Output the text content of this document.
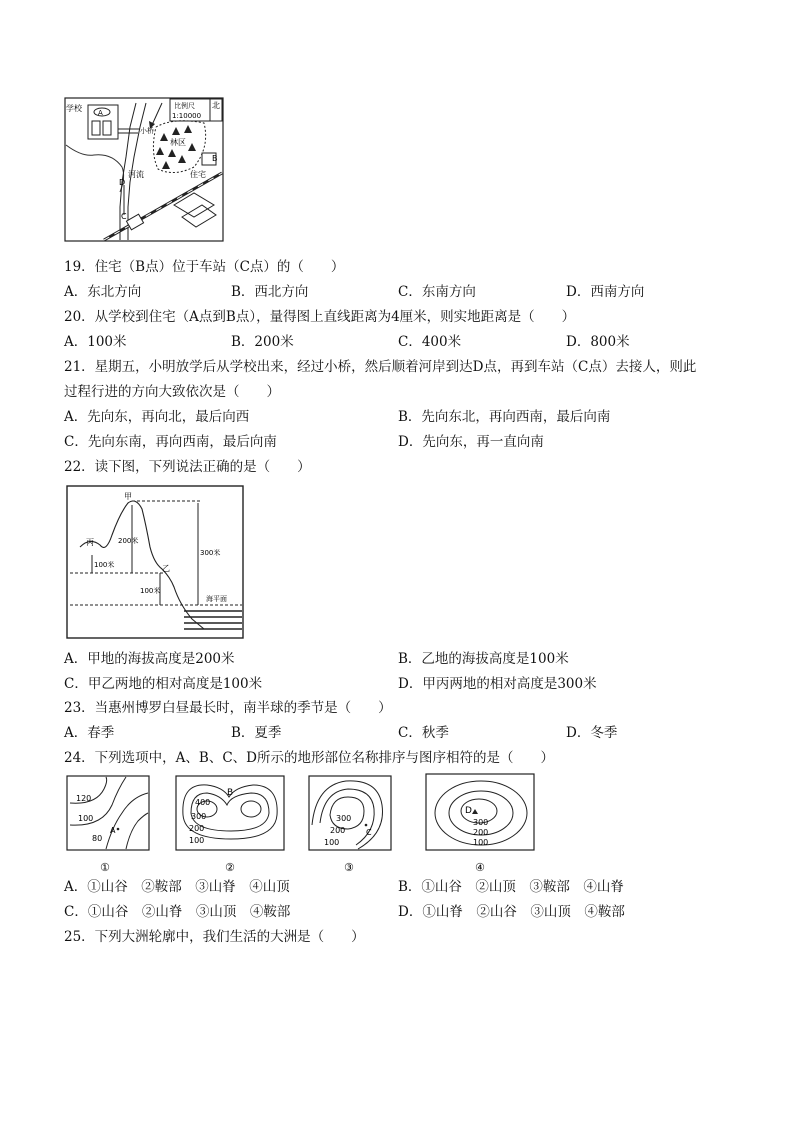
学校 A
比例尺
1:10000
北
小桥
林区
B
河流	住宅
D
C
19．住宅（B点）位于车站（C点）的（　　）
A．东北方向	B．西北方向	C．东南方向	D．西南方向
20．从学校到住宅（A点到B点），量得图上直线距离为4厘米，则实地距离是（　　）
A．100米	B．200米	C．400米	D．800米
21．星期五，小明放学后从学校出来，经过小桥，然后顺着河岸到达D点，再到车站（C点）去接人，则此
过程行进的方向大致依次是（　　）
A．先向东，再向北，最后向西	B．先向东北，再向西南，最后向南
C．先向东南，再向西南，最后向南	D．先向东，再一直向南
22．读下图，下列说法正确的是（　　）
甲
丙
乙
200米
100米
100米
300米
海平面
A．甲地的海拔高度是200米	B．乙地的海拔高度是100米
C．甲乙两地的相对高度是100米	D．甲丙两地的相对高度是300米
23．当惠州博罗白昼最长时，南半球的季节是（　　）
A．春季	B．夏季	C．秋季	D．冬季
24．下列选项中，A、B、C、D所示的地形部位名称排序与图序相符的是（　　）
120
100
80
A
①
400
300
200
100
B
②
300
200
100
C
③
D
300
200
100
④
A．①山谷　②鞍部　③山脊　④山顶	B．①山谷　②山顶　③鞍部　④山脊
C．①山谷　②山脊　③山顶　④鞍部	D．①山脊　②山谷　③山顶　④鞍部
25．下列大洲轮廓中，我们生活的大洲是（　　）
